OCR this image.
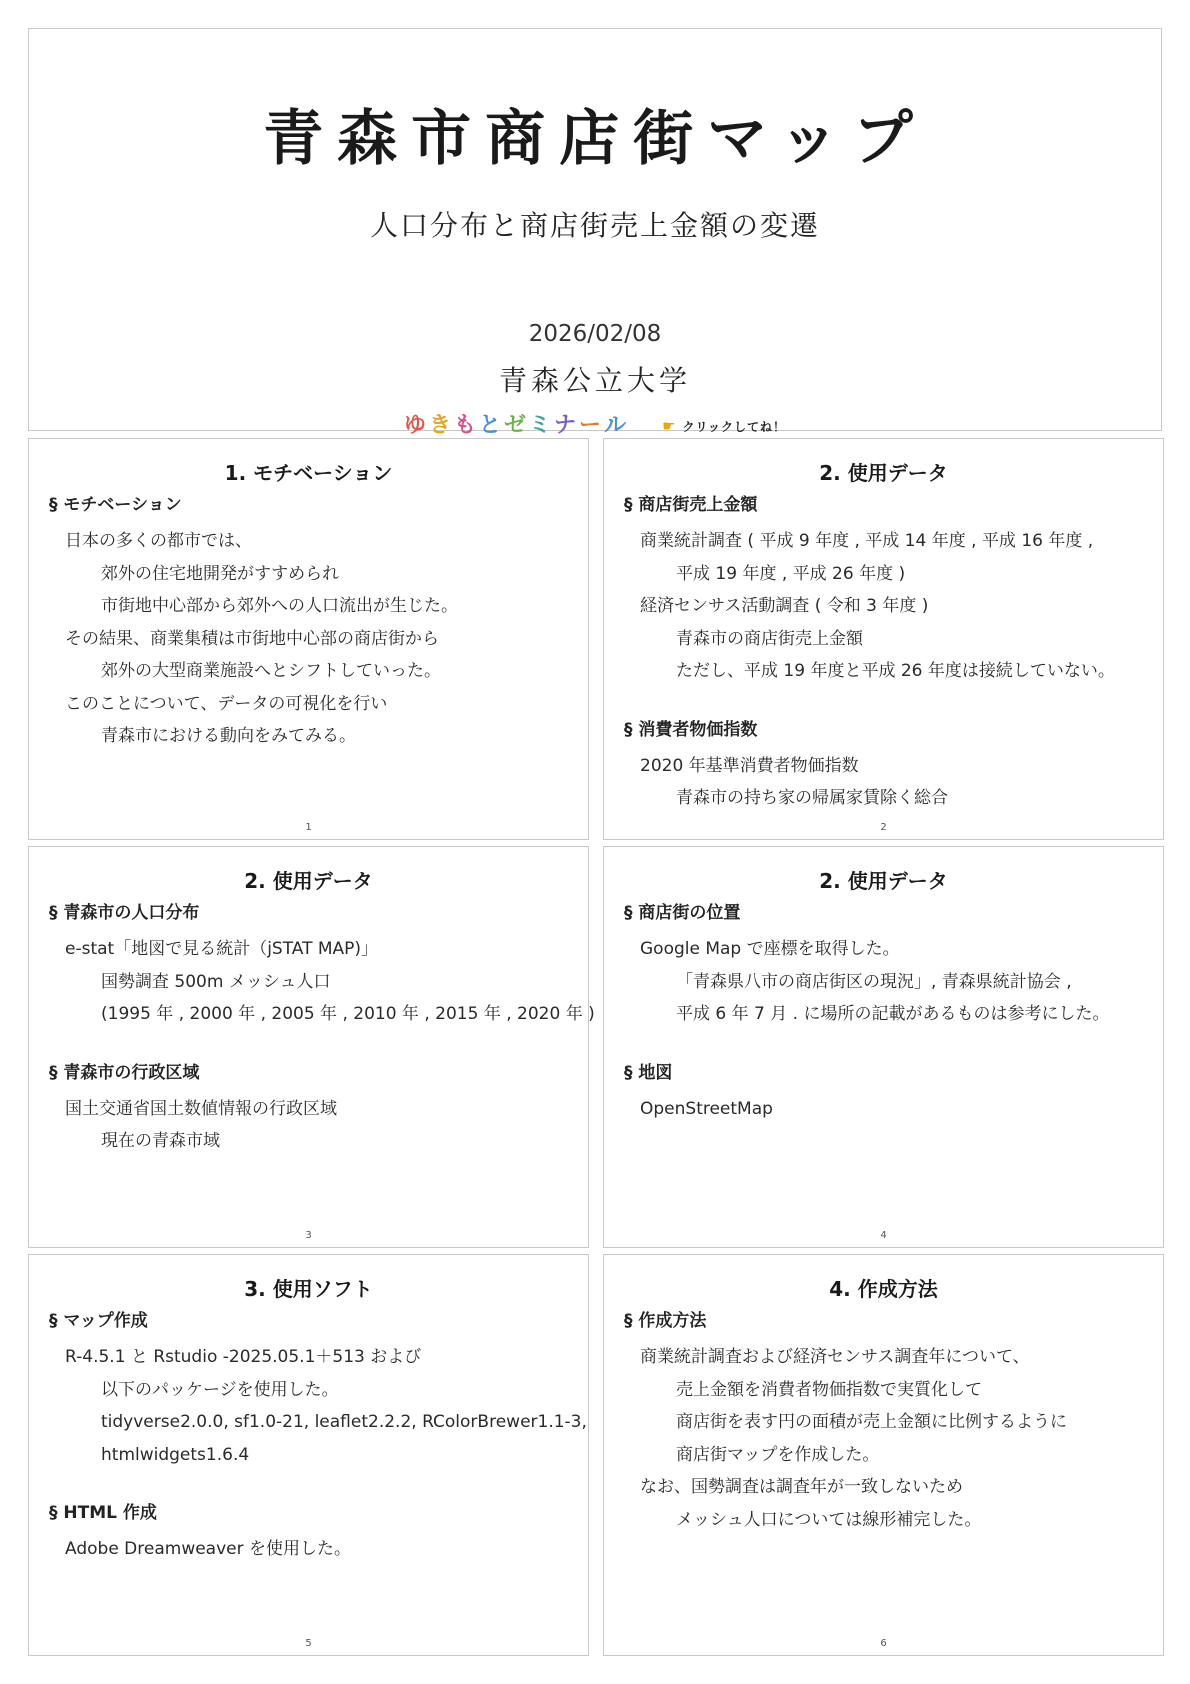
青森市商店街マップ
人口分布と商店街売上金額の変遷
2026/02/08
青森公立大学
ゆ き も と ゼ ミ ナ ー ル ☛ クリックしてね！
1. モチベーション
§ モチベーション
日本の多くの都市では、
郊外の住宅地開発がすすめられ
市街地中心部から郊外への人口流出が生じた。
その結果、商業集積は市街地中心部の商店街から
郊外の大型商業施設へとシフトしていった。
このことについて、データの可視化を行い
青森市における動向をみてみる。
1
2. 使用データ
§ 商店街売上金額
商業統計調査 ( 平成 9 年度 , 平成 14 年度 , 平成 16 年度 ,
平成 19 年度 , 平成 26 年度 )
経済センサス活動調査 ( 令和 3 年度 )
青森市の商店街売上金額
ただし、平成 19 年度と平成 26 年度は接続していない。
§ 消費者物価指数
2020 年基準消費者物価指数
青森市の持ち家の帰属家賃除く総合
2
2. 使用データ
§ 青森市の人口分布
e-stat「地図で見る統計（jSTAT MAP)」
国勢調査 500m メッシュ人口
(1995 年 , 2000 年 , 2005 年 , 2010 年 , 2015 年 , 2020 年 )
§ 青森市の行政区域
国土交通省国土数値情報の行政区域
現在の青森市域
3
2. 使用データ
§ 商店街の位置
Google Map で座標を取得した。
「青森県八市の商店街区の現況」, 青森県統計協会 ,
平成 6 年 7 月 . に場所の記載があるものは参考にした。
§ 地図
OpenStreetMap
4
3. 使用ソフト
§ マップ作成
R-4.5.1 と Rstudio -2025.05.1＋513 および
以下のパッケージを使用した。
tidyverse2.0.0, sf1.0-21, leaflet2.2.2, RColorBrewer1.1-3,
htmlwidgets1.6.4
§ HTML 作成
Adobe Dreamweaver を使用した。
5
4. 作成方法
§ 作成方法
商業統計調査および経済センサス調査年について、
売上金額を消費者物価指数で実質化して
商店街を表す円の面積が売上金額に比例するように
商店街マップを作成した。
なお、国勢調査は調査年が一致しないため
メッシュ人口については線形補完した。
6
